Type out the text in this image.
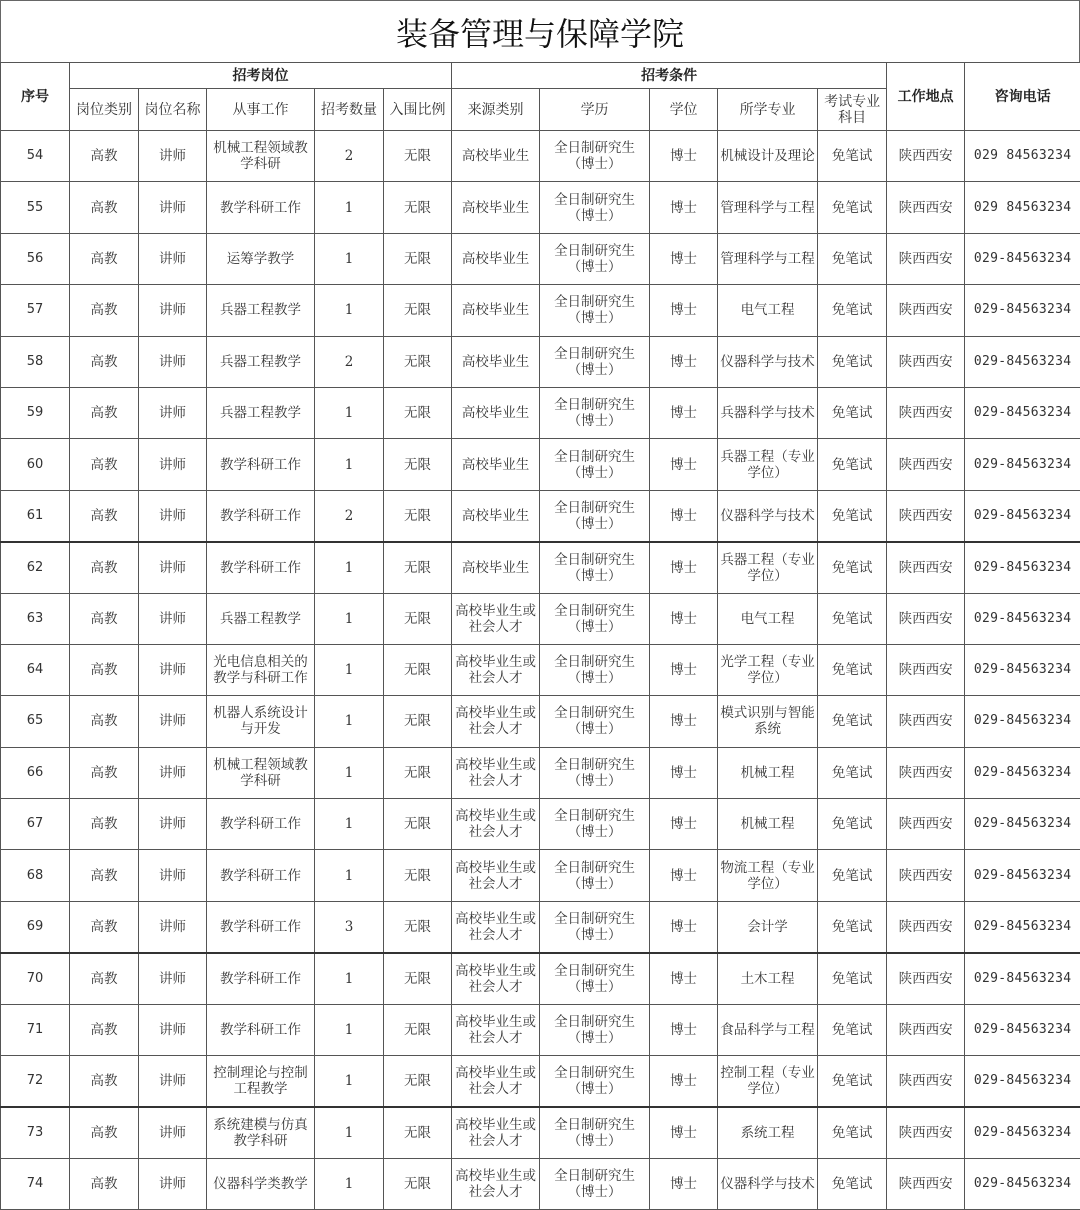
装备管理与保障学院
序号	招考岗位					招考条件					工作地点	咨询电话
	岗位类别	岗位名称	从事工作	招考数量	入围比例	来源类别	学历	学位	所学专业	考试专业科目		
54	高教	讲师	机械工程领域教学科研	2	无限	高校毕业生	全日制研究生（博士）	博士	机械设计及理论	免笔试	陕西西安	029 84563234
55	高教	讲师	教学科研工作	1	无限	高校毕业生	全日制研究生（博士）	博士	管理科学与工程	免笔试	陕西西安	029 84563234
56	高教	讲师	运筹学教学	1	无限	高校毕业生	全日制研究生（博士）	博士	管理科学与工程	免笔试	陕西西安	029-84563234
57	高教	讲师	兵器工程教学	1	无限	高校毕业生	全日制研究生（博士）	博士	电气工程	免笔试	陕西西安	029-84563234
58	高教	讲师	兵器工程教学	2	无限	高校毕业生	全日制研究生（博士）	博士	仪器科学与技术	免笔试	陕西西安	029-84563234
59	高教	讲师	兵器工程教学	1	无限	高校毕业生	全日制研究生（博士）	博士	兵器科学与技术	免笔试	陕西西安	029-84563234
60	高教	讲师	教学科研工作	1	无限	高校毕业生	全日制研究生（博士）	博士	兵器工程（专业学位）	免笔试	陕西西安	029-84563234
61	高教	讲师	教学科研工作	2	无限	高校毕业生	全日制研究生（博士）	博士	仪器科学与技术	免笔试	陕西西安	029-84563234
62	高教	讲师	教学科研工作	1	无限	高校毕业生	全日制研究生（博士）	博士	兵器工程（专业学位）	免笔试	陕西西安	029-84563234
63	高教	讲师	兵器工程教学	1	无限	高校毕业生或社会人才	全日制研究生（博士）	博士	电气工程	免笔试	陕西西安	029-84563234
64	高教	讲师	光电信息相关的教学与科研工作	1	无限	高校毕业生或社会人才	全日制研究生（博士）	博士	光学工程（专业学位）	免笔试	陕西西安	029-84563234
65	高教	讲师	机器人系统设计与开发	1	无限	高校毕业生或社会人才	全日制研究生（博士）	博士	模式识别与智能系统	免笔试	陕西西安	029-84563234
66	高教	讲师	机械工程领域教学科研	1	无限	高校毕业生或社会人才	全日制研究生（博士）	博士	机械工程	免笔试	陕西西安	029-84563234
67	高教	讲师	教学科研工作	1	无限	高校毕业生或社会人才	全日制研究生（博士）	博士	机械工程	免笔试	陕西西安	029-84563234
68	高教	讲师	教学科研工作	1	无限	高校毕业生或社会人才	全日制研究生（博士）	博士	物流工程（专业学位）	免笔试	陕西西安	029-84563234
69	高教	讲师	教学科研工作	3	无限	高校毕业生或社会人才	全日制研究生（博士）	博士	会计学	免笔试	陕西西安	029-84563234
70	高教	讲师	教学科研工作	1	无限	高校毕业生或社会人才	全日制研究生（博士）	博士	土木工程	免笔试	陕西西安	029-84563234
71	高教	讲师	教学科研工作	1	无限	高校毕业生或社会人才	全日制研究生（博士）	博士	食品科学与工程	免笔试	陕西西安	029-84563234
72	高教	讲师	控制理论与控制工程教学	1	无限	高校毕业生或社会人才	全日制研究生（博士）	博士	控制工程（专业学位）	免笔试	陕西西安	029-84563234
73	高教	讲师	系统建模与仿真教学科研	1	无限	高校毕业生或社会人才	全日制研究生（博士）	博士	系统工程	免笔试	陕西西安	029-84563234
74	高教	讲师	仪器科学类教学	1	无限	高校毕业生或社会人才	全日制研究生（博士）	博士	仪器科学与技术	免笔试	陕西西安	029-84563234
